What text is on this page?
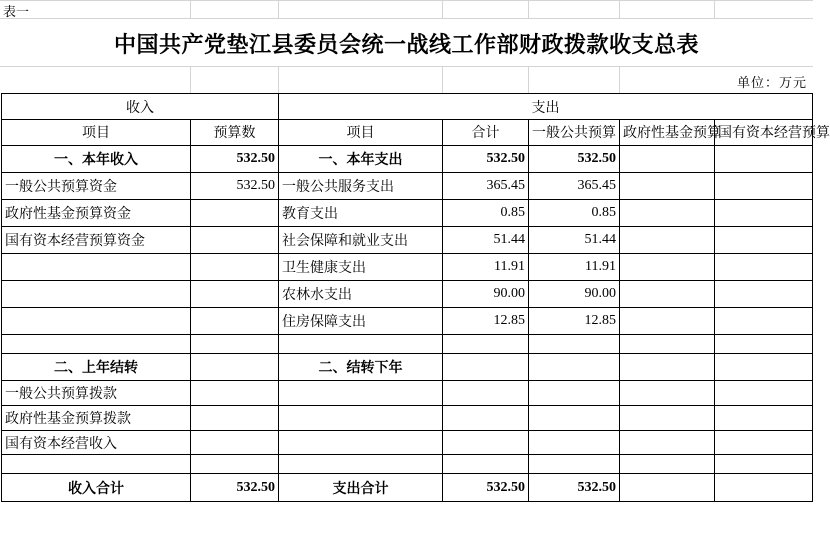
表一
中国共产党垫江县委员会统一战线工作部财政拨款收支总表
单位：万元
收入		支出				
项目	预算数	项目	合计	一般公共预算	政府性基金预算	国有资本经营预算
一、本年收入	532.50	一、本年支出	532.50	532.50		
一般公共预算资金	532.50	一般公共服务支出	365.45	365.45		
政府性基金预算资金		教育支出	0.85	0.85		
国有资本经营预算资金		社会保障和就业支出	51.44	51.44		
		卫生健康支出	11.91	11.91		
		农林水支出	90.00	90.00		
		住房保障支出	12.85	12.85		

二、上年结转		二、结转下年				
一般公共预算拨款						
政府性基金预算拨款						
国有资本经营收入						

收入合计	532.50	支出合计	532.50	532.50		
